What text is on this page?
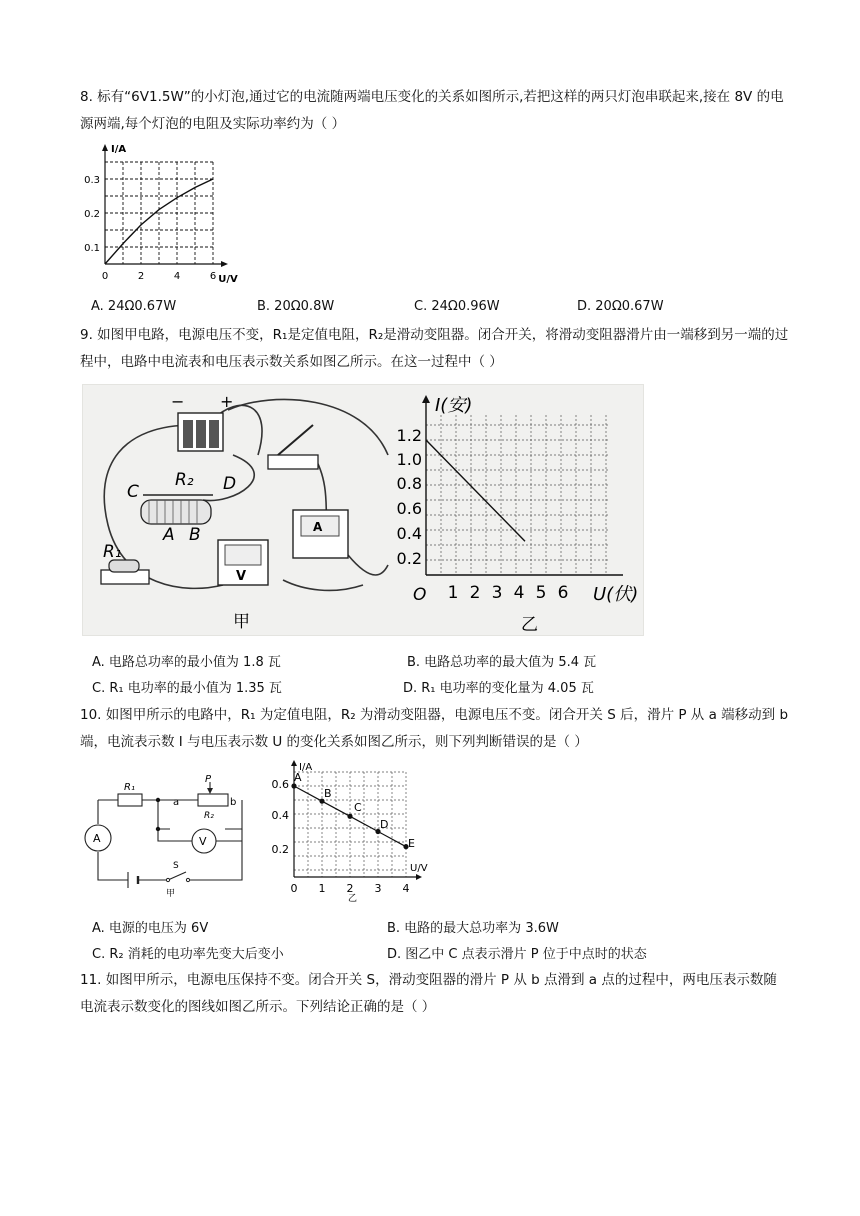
8. 标有“6V1.5W”的小灯泡,通过它的电流随两端电压变化的关系如图所示,若把这样的两只灯泡串联起来,接在 8V 的电源两端,每个灯泡的电阻及实际功率约为（ ）

I/A
U/V
0.1
0.2
0.3
0	2	4	6
A. 24Ω0.67W	B. 20Ω0.8W	C. 24Ω0.96W	D. 20Ω0.67W

9. 如图甲电路，电源电压不变，R₁是定值电阻，R₂是滑动变阻器。闭合开关，将滑动变阻器滑片由一端移到另一端的过程中，电路中电流表和电压表示数关系如图乙所示。在这一过程中（ ）

− +
C
R₂ D
A B
R₁
V
A
甲
I(安)
U(伏)
O
0.2
0.4
0.6
0.8
1.0
1.2
1 2 3 4 5 6
乙
A. 电路总功率的最小值为 1.8 瓦	B. 电路总功率的最大值为 5.4 瓦
C. R₁ 电功率的最小值为 1.35 瓦	D. R₁ 电功率的变化量为 4.05 瓦

10. 如图甲所示的电路中，R₁ 为定值电阻，R₂ 为滑动变阻器，电源电压不变。闭合开关 S 后，滑片 P 从 a 端移动到 b 端，电流表示数 I 与电压表示数 U 的变化关系如图乙所示，则下列判断错误的是（ ）

R₁
P
a	b
R₂
A	V
S
甲
I/A
U/V
0.2
0.4
0.6
0 1 2 3 4
A
B
C
D
E
乙
A. 电源的电压为 6V	B. 电路的最大总功率为 3.6W
C. R₂ 消耗的电功率先变大后变小	D. 图乙中 C 点表示滑片 P 位于中点时的状态

11. 如图甲所示，电源电压保持不变。闭合开关 S，滑动变阻器的滑片 P 从 b 点滑到 a 点的过程中，两电压表示数随电流表示数变化的图线如图乙所示。下列结论正确的是（ ）
